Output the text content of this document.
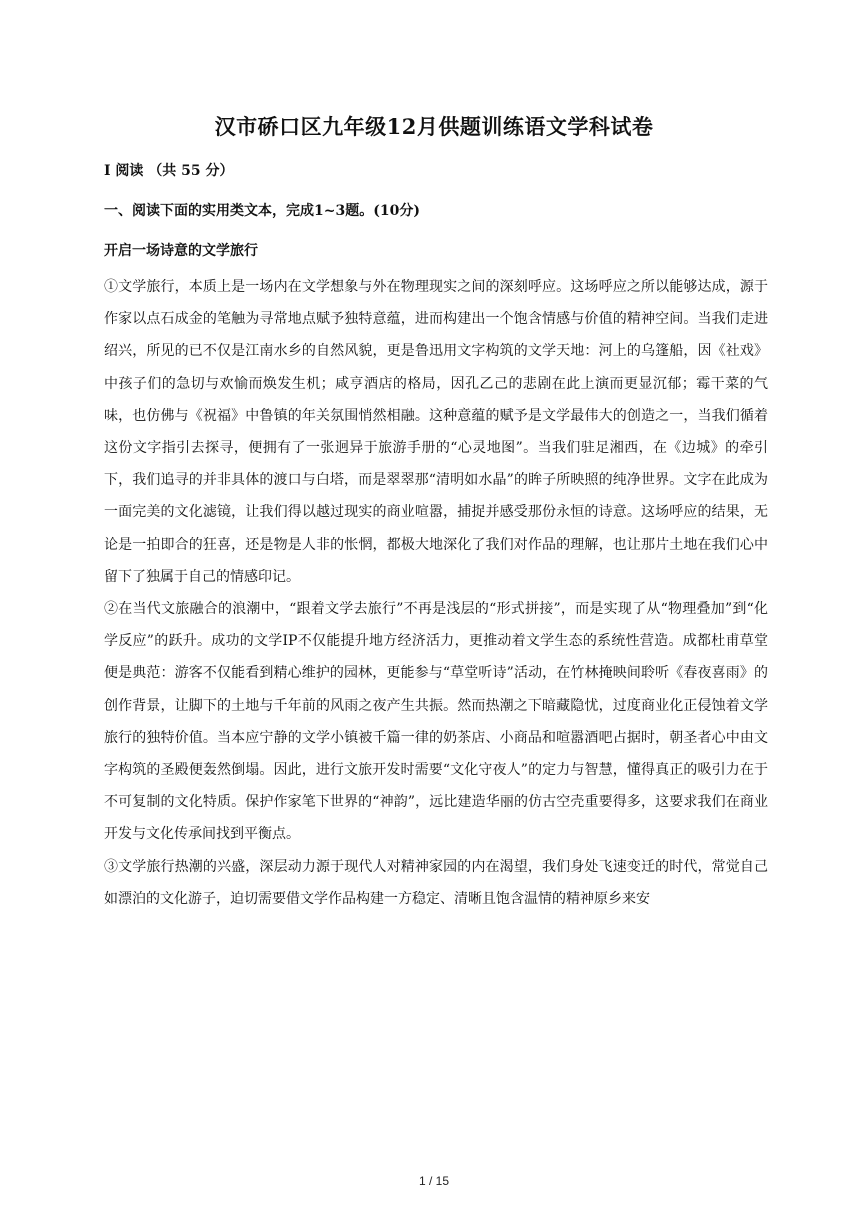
汉市硚口区九年级12月供题训练语文学科试卷
Ⅰ 阅读 （共 55 分）
一、阅读下面的实用类文本，完成1~3题。(10分)
开启一场诗意的文学旅行

①文学旅行，本质上是一场内在文学想象与外在物理现实之间的深刻呼应。这场呼应之所以能够达成，源于作家以点石成金的笔触为寻常地点赋予独特意蕴，进而构建出一个饱含情感与价值的精神空间。当我们走进绍兴，所见的已不仅是江南水乡的自然风貌，更是鲁迅用文字构筑的文学天地：河上的乌篷船，因《社戏》中孩子们的急切与欢愉而焕发生机；咸亨酒店的格局，因孔乙己的悲剧在此上演而更显沉郁；霉干菜的气味，也仿佛与《祝福》中鲁镇的年关氛围悄然相融。这种意蕴的赋予是文学最伟大的创造之一，当我们循着这份文字指引去探寻，便拥有了一张迥异于旅游手册的“心灵地图”。当我们驻足湘西，在《边城》的牵引下，我们追寻的并非具体的渡口与白塔，而是翠翠那“清明如水晶”的眸子所映照的纯净世界。文字在此成为一面完美的文化滤镜，让我们得以越过现实的商业喧嚣，捕捉并感受那份永恒的诗意。这场呼应的结果，无论是一拍即合的狂喜，还是物是人非的怅惘，都极大地深化了我们对作品的理解，也让那片土地在我们心中留下了独属于自己的情感印记。

②在当代文旅融合的浪潮中，“跟着文学去旅行”不再是浅层的“形式拼接”，而是实现了从“物理叠加”到“化学反应”的跃升。成功的文学IP不仅能提升地方经济活力，更推动着文学生态的系统性营造。成都杜甫草堂便是典范：游客不仅能看到精心维护的园林，更能参与“草堂听诗”活动，在竹林掩映间聆听《春夜喜雨》的创作背景，让脚下的土地与千年前的风雨之夜产生共振。然而热潮之下暗藏隐忧，过度商业化正侵蚀着文学旅行的独特价值。当本应宁静的文学小镇被千篇一律的奶茶店、小商品和喧嚣酒吧占据时，朝圣者心中由文字构筑的圣殿便轰然倒塌。因此，进行文旅开发时需要“文化守夜人”的定力与智慧，懂得真正的吸引力在于不可复制的文化特质。保护作家笔下世界的“神韵”，远比建造华丽的仿古空壳重要得多，这要求我们在商业开发与文化传承间找到平衡点。

③文学旅行热潮的兴盛，深层动力源于现代人对精神家园的内在渴望，我们身处飞速变迁的时代，常觉自己如漂泊的文化游子，迫切需要借文学作品构建一方稳定、清晰且饱含温情的精神原乡来安

1 / 15
